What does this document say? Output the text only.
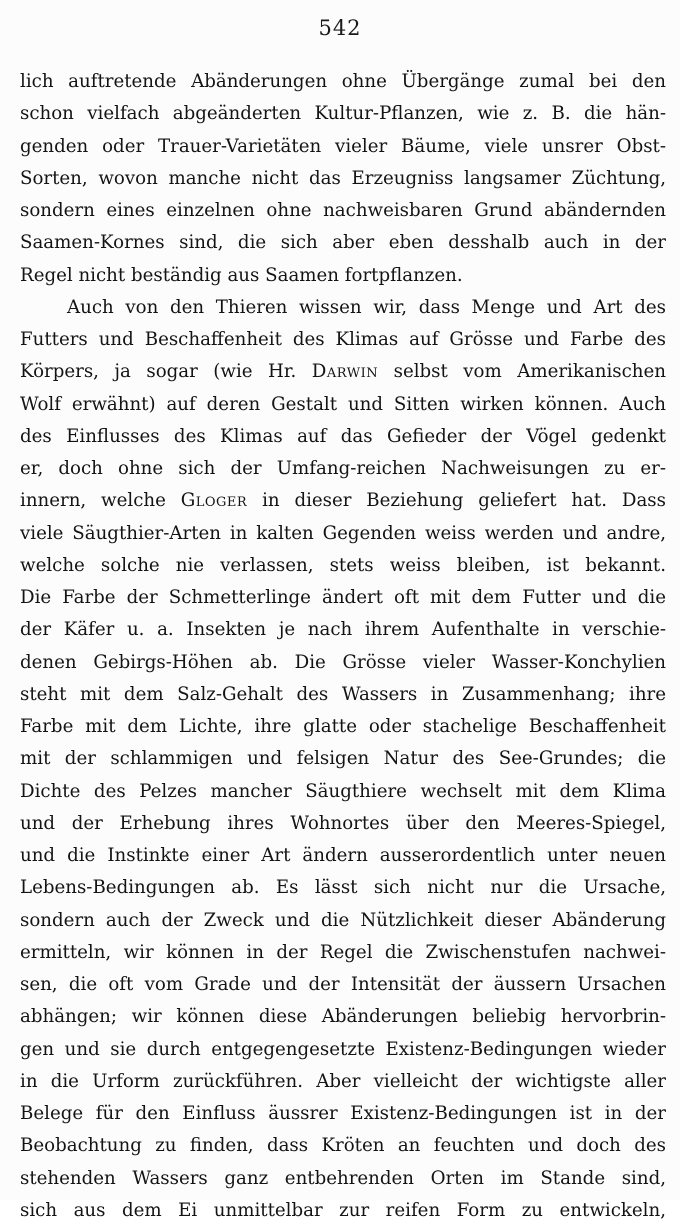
542
lich auftretende Abänderungen ohne Übergänge zumal bei den
schon vielfach abgeänderten Kultur-Pflanzen, wie z. B. die hän-
genden oder Trauer-Varietäten vieler Bäume, viele unsrer Obst-
Sorten, wovon manche nicht das Erzeugniss langsamer Züchtung,
sondern eines einzelnen ohne nachweisbaren Grund abändernden
Saamen-Kornes sind, die sich aber eben desshalb auch in der
Regel nicht beständig aus Saamen fortpflanzen.
Auch von den Thieren wissen wir, dass Menge und Art des
Futters und Beschaffenheit des Klimas auf Grösse und Farbe des
Körpers, ja sogar (wie Hr. Darwin selbst vom Amerikanischen
Wolf erwähnt) auf deren Gestalt und Sitten wirken können. Auch
des Einflusses des Klimas auf das Gefieder der Vögel gedenkt
er, doch ohne sich der Umfang-reichen Nachweisungen zu er-
innern, welche Gloger in dieser Beziehung geliefert hat. Dass
viele Säugthier-Arten in kalten Gegenden weiss werden und andre,
welche solche nie verlassen, stets weiss bleiben, ist bekannt.
Die Farbe der Schmetterlinge ändert oft mit dem Futter und die
der Käfer u. a. Insekten je nach ihrem Aufenthalte in verschie-
denen Gebirgs-Höhen ab. Die Grösse vieler Wasser-Konchylien
steht mit dem Salz-Gehalt des Wassers in Zusammenhang; ihre
Farbe mit dem Lichte, ihre glatte oder stachelige Beschaffenheit
mit der schlammigen und felsigen Natur des See-Grundes; die
Dichte des Pelzes mancher Säugthiere wechselt mit dem Klima
und der Erhebung ihres Wohnortes über den Meeres-Spiegel,
und die Instinkte einer Art ändern ausserordentlich unter neuen
Lebens-Bedingungen ab. Es lässt sich nicht nur die Ursache,
sondern auch der Zweck und die Nützlichkeit dieser Abänderung
ermitteln, wir können in der Regel die Zwischenstufen nachwei-
sen, die oft vom Grade und der Intensität der äussern Ursachen
abhängen; wir können diese Abänderungen beliebig hervorbrin-
gen und sie durch entgegengesetzte Existenz-Bedingungen wieder
in die Urform zurückführen. Aber vielleicht der wichtigste aller
Belege für den Einfluss äussrer Existenz-Bedingungen ist in der
Beobachtung zu finden, dass Kröten an feuchten und doch des
stehenden Wassers ganz entbehrenden Orten im Stande sind,
sich aus dem Ei unmittelbar zur reifen Form zu entwickeln,
